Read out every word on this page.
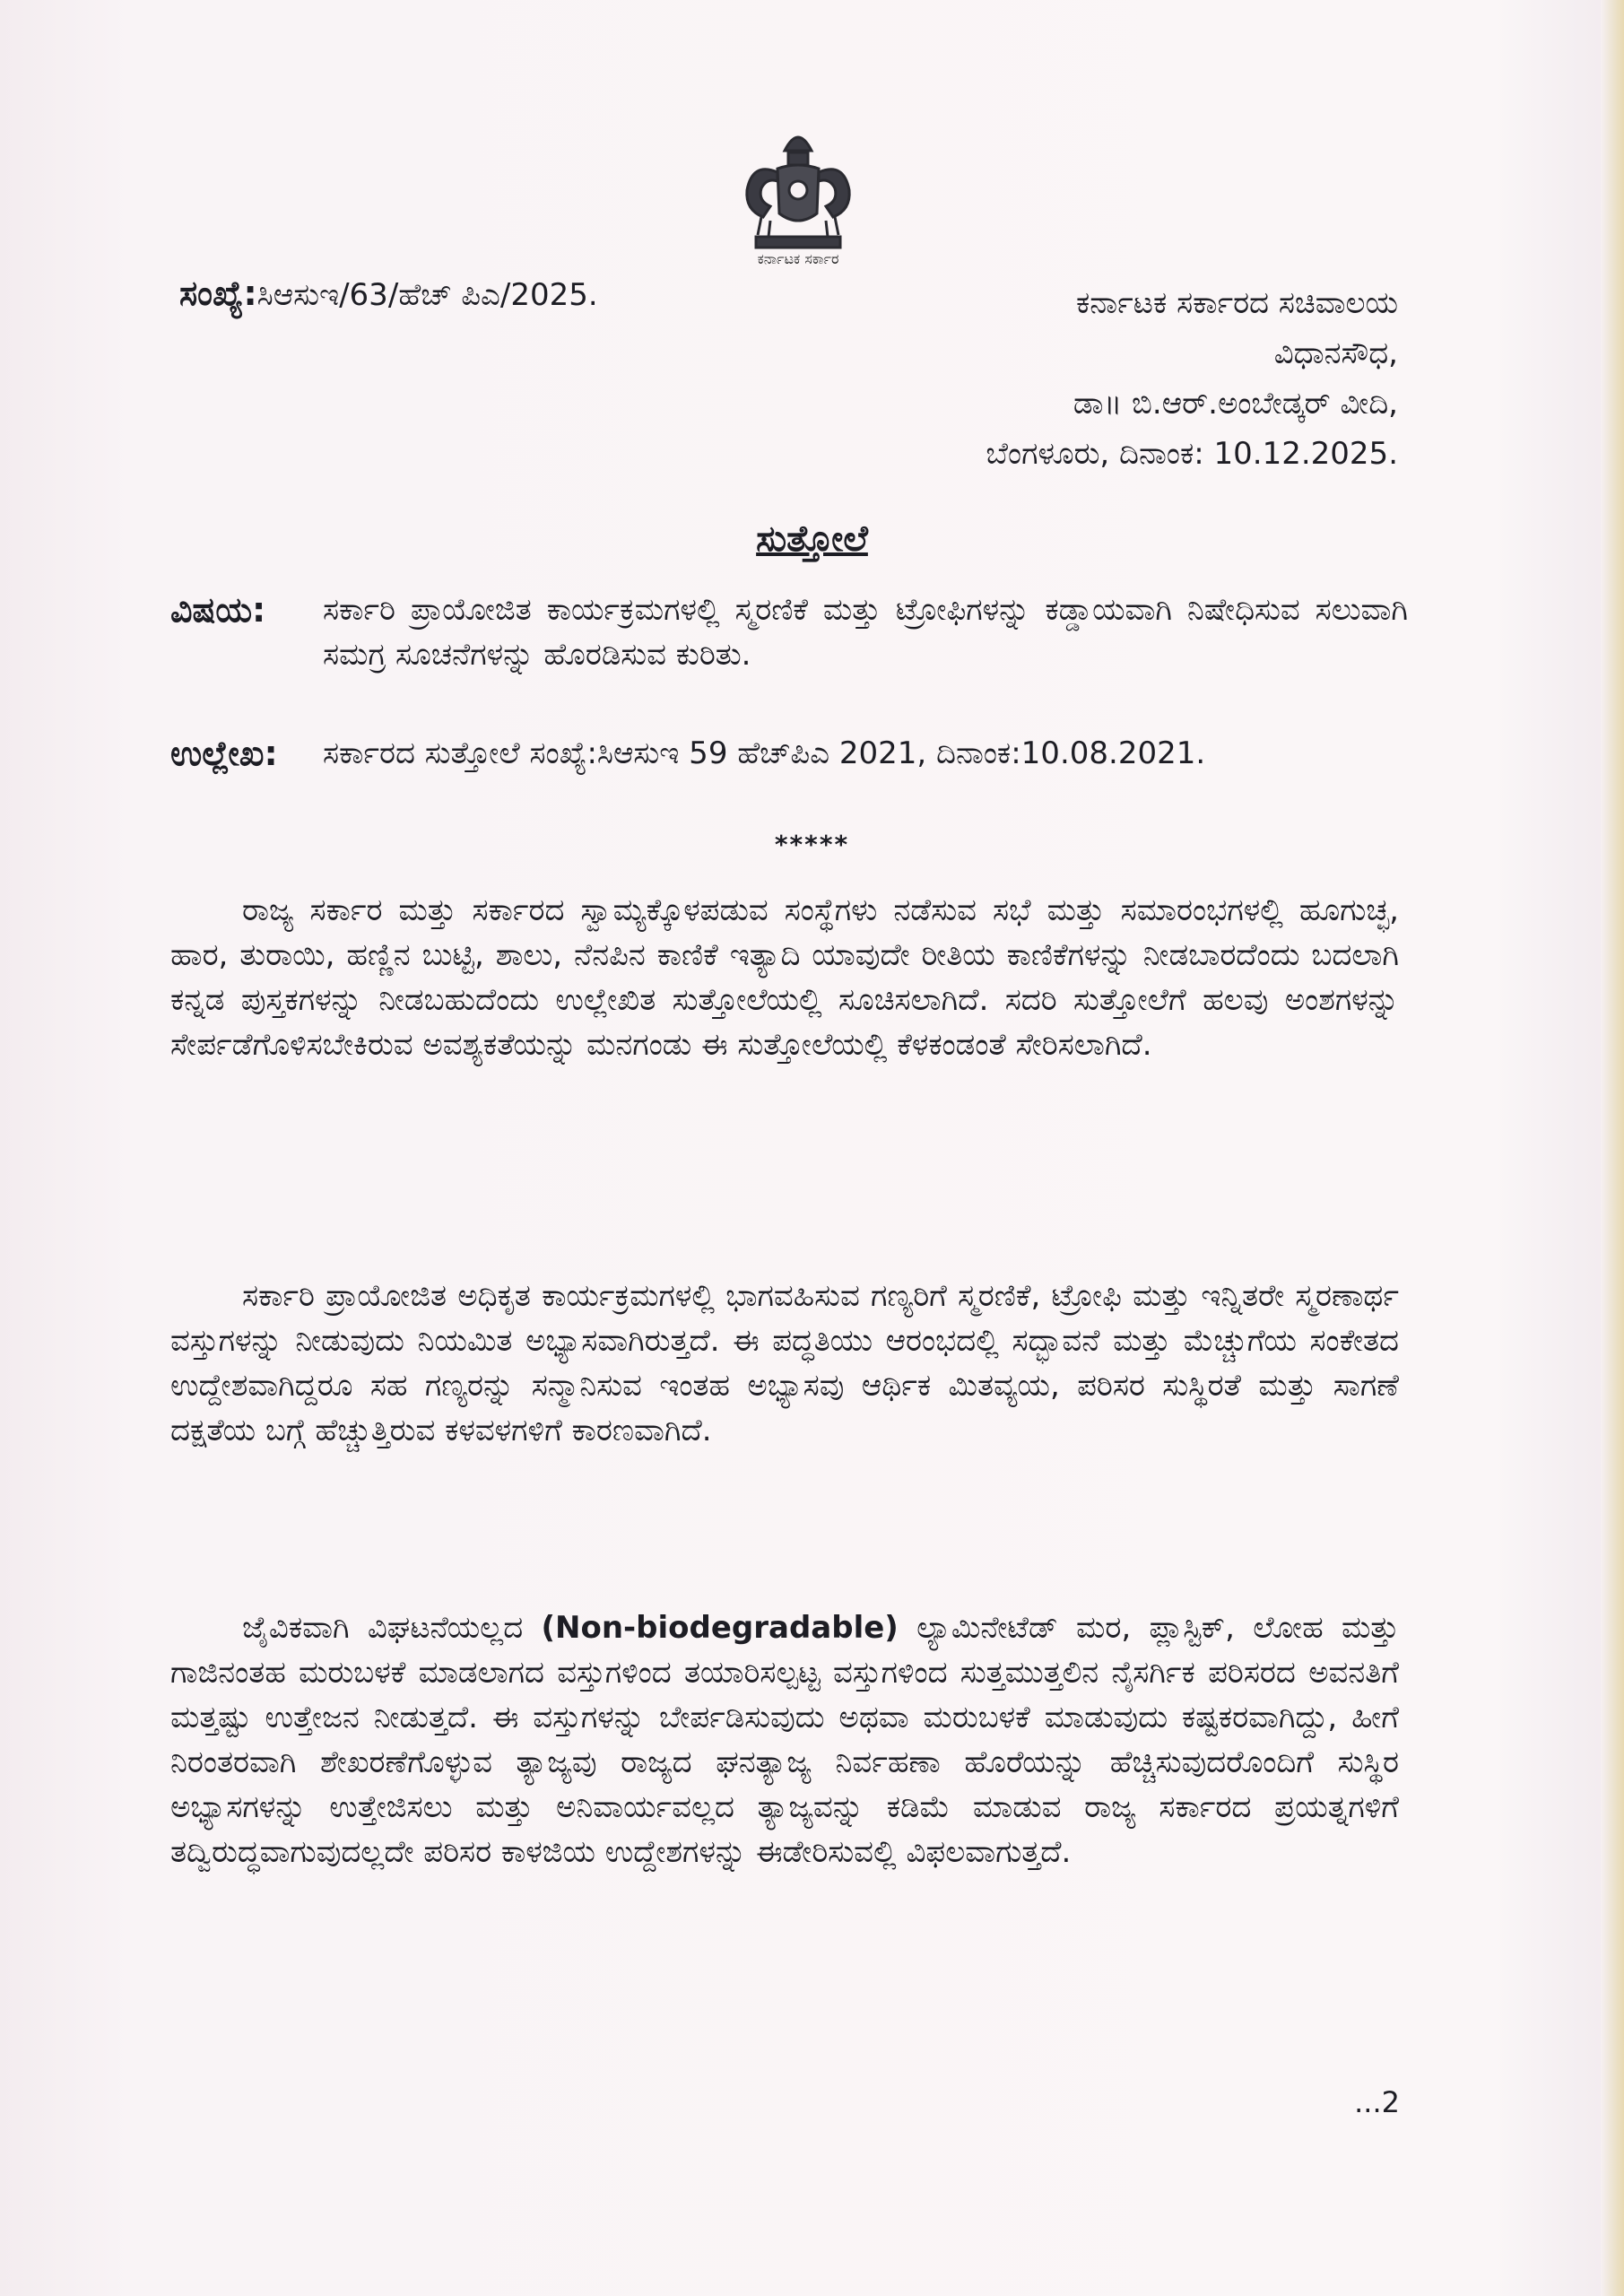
ಕರ್ನಾಟಕ ಸರ್ಕಾರ
ಸಂಖ್ಯೆ:ಸಿಆಸುಇ/63/ಹೆಚ್ ಪಿಎ/2025.	ಕರ್ನಾಟಕ ಸರ್ಕಾರದ ಸಚಿವಾಲಯ
ವಿಧಾನಸೌಧ,
ಡಾ॥ ಬಿ.ಆರ್.ಅಂಬೇಡ್ಕರ್ ವೀದಿ,
ಬೆಂಗಳೂರು, ದಿನಾಂಕ: 10.12.2025.
ಸುತ್ತೋಲೆ
ವಿಷಯ: ಸರ್ಕಾರಿ ಪ್ರಾಯೋಜಿತ ಕಾರ್ಯಕ್ರಮಗಳಲ್ಲಿ ಸ್ಮರಣಿಕೆ ಮತ್ತು ಟ್ರೋಫಿಗಳನ್ನು ಕಡ್ಡಾಯವಾಗಿ ನಿಷೇಧಿಸುವ ಸಲುವಾಗಿ ಸಮಗ್ರ ಸೂಚನೆಗಳನ್ನು ಹೊರಡಿಸುವ ಕುರಿತು.
ಉಲ್ಲೇಖ: ಸರ್ಕಾರದ ಸುತ್ತೋಲೆ ಸಂಖ್ಯೆ:ಸಿಆಸುಇ 59 ಹೆಚ್‌ಪಿಎ 2021, ದಿನಾಂಕ:10.08.2021.
*****

ರಾಜ್ಯ ಸರ್ಕಾರ ಮತ್ತು ಸರ್ಕಾರದ ಸ್ವಾಮ್ಯಕ್ಕೊಳಪಡುವ ಸಂಸ್ಥೆಗಳು ನಡೆಸುವ ಸಭೆ ಮತ್ತು ಸಮಾರಂಭಗಳಲ್ಲಿ ಹೂಗುಚ್ಛ, ಹಾರ, ತುರಾಯಿ, ಹಣ್ಣಿನ ಬುಟ್ಟಿ, ಶಾಲು, ನೆನಪಿನ ಕಾಣಿಕೆ ಇತ್ಯಾದಿ ಯಾವುದೇ ರೀತಿಯ ಕಾಣಿಕೆಗಳನ್ನು ನೀಡಬಾರದೆಂದು ಬದಲಾಗಿ ಕನ್ನಡ ಪುಸ್ತಕಗಳನ್ನು ನೀಡಬಹುದೆಂದು ಉಲ್ಲೇಖಿತ ಸುತ್ತೋಲೆಯಲ್ಲಿ ಸೂಚಿಸಲಾಗಿದೆ. ಸದರಿ ಸುತ್ತೋಲೆಗೆ ಹಲವು ಅಂಶಗಳನ್ನು ಸೇರ್ಪಡೆಗೊಳಿಸಬೇಕಿರುವ ಅವಶ್ಯಕತೆಯನ್ನು ಮನಗಂಡು ಈ ಸುತ್ತೋಲೆಯಲ್ಲಿ ಕೆಳಕಂಡಂತೆ ಸೇರಿಸಲಾಗಿದೆ.

ಸರ್ಕಾರಿ ಪ್ರಾಯೋಜಿತ ಅಧಿಕೃತ ಕಾರ್ಯಕ್ರಮಗಳಲ್ಲಿ ಭಾಗವಹಿಸುವ ಗಣ್ಯರಿಗೆ ಸ್ಮರಣಿಕೆ, ಟ್ರೋಫಿ ಮತ್ತು ಇನ್ನಿತರೇ ಸ್ಮರಣಾರ್ಥ ವಸ್ತುಗಳನ್ನು ನೀಡುವುದು ನಿಯಮಿತ ಅಭ್ಯಾಸವಾಗಿರುತ್ತದೆ. ಈ ಪದ್ಧತಿಯು ಆರಂಭದಲ್ಲಿ ಸದ್ಭಾವನೆ ಮತ್ತು ಮೆಚ್ಚುಗೆಯ ಸಂಕೇತದ ಉದ್ದೇಶವಾಗಿದ್ದರೂ ಸಹ ಗಣ್ಯರನ್ನು ಸನ್ಮಾನಿಸುವ ಇಂತಹ ಅಭ್ಯಾಸವು ಆರ್ಥಿಕ ಮಿತವ್ಯಯ, ಪರಿಸರ ಸುಸ್ಥಿರತೆ ಮತ್ತು ಸಾಗಣೆ ದಕ್ಷತೆಯ ಬಗ್ಗೆ ಹೆಚ್ಚುತ್ತಿರುವ ಕಳವಳಗಳಿಗೆ ಕಾರಣವಾಗಿದೆ.

ಜೈವಿಕವಾಗಿ ವಿಘಟನೆಯಲ್ಲದ (Non-biodegradable) ಲ್ಯಾಮಿನೇಟೆಡ್ ಮರ, ಪ್ಲಾಸ್ಟಿಕ್, ಲೋಹ ಮತ್ತು ಗಾಜಿನಂತಹ ಮರುಬಳಕೆ ಮಾಡಲಾಗದ ವಸ್ತುಗಳಿಂದ ತಯಾರಿಸಲ್ಪಟ್ಟ ವಸ್ತುಗಳಿಂದ ಸುತ್ತಮುತ್ತಲಿನ ನೈಸರ್ಗಿಕ ಪರಿಸರದ ಅವನತಿಗೆ ಮತ್ತಷ್ಟು ಉತ್ತೇಜನ ನೀಡುತ್ತದೆ. ಈ ವಸ್ತುಗಳನ್ನು ಬೇರ್ಪಡಿಸುವುದು ಅಥವಾ ಮರುಬಳಕೆ ಮಾಡುವುದು ಕಷ್ಟಕರವಾಗಿದ್ದು, ಹೀಗೆ ನಿರಂತರವಾಗಿ ಶೇಖರಣೆಗೊಳ್ಳುವ ತ್ಯಾಜ್ಯವು ರಾಜ್ಯದ ಘನತ್ಯಾಜ್ಯ ನಿರ್ವಹಣಾ ಹೊರೆಯನ್ನು ಹೆಚ್ಚಿಸುವುದರೊಂದಿಗೆ ಸುಸ್ಥಿರ ಅಭ್ಯಾಸಗಳನ್ನು ಉತ್ತೇಜಿಸಲು ಮತ್ತು ಅನಿವಾರ್ಯವಲ್ಲದ ತ್ಯಾಜ್ಯವನ್ನು ಕಡಿಮೆ ಮಾಡುವ ರಾಜ್ಯ ಸರ್ಕಾರದ ಪ್ರಯತ್ನಗಳಿಗೆ ತದ್ವಿರುದ್ಧವಾಗುವುದಲ್ಲದೇ ಪರಿಸರ ಕಾಳಜಿಯ ಉದ್ದೇಶಗಳನ್ನು ಈಡೇರಿಸುವಲ್ಲಿ ವಿಫಲವಾಗುತ್ತದೆ.

...2
